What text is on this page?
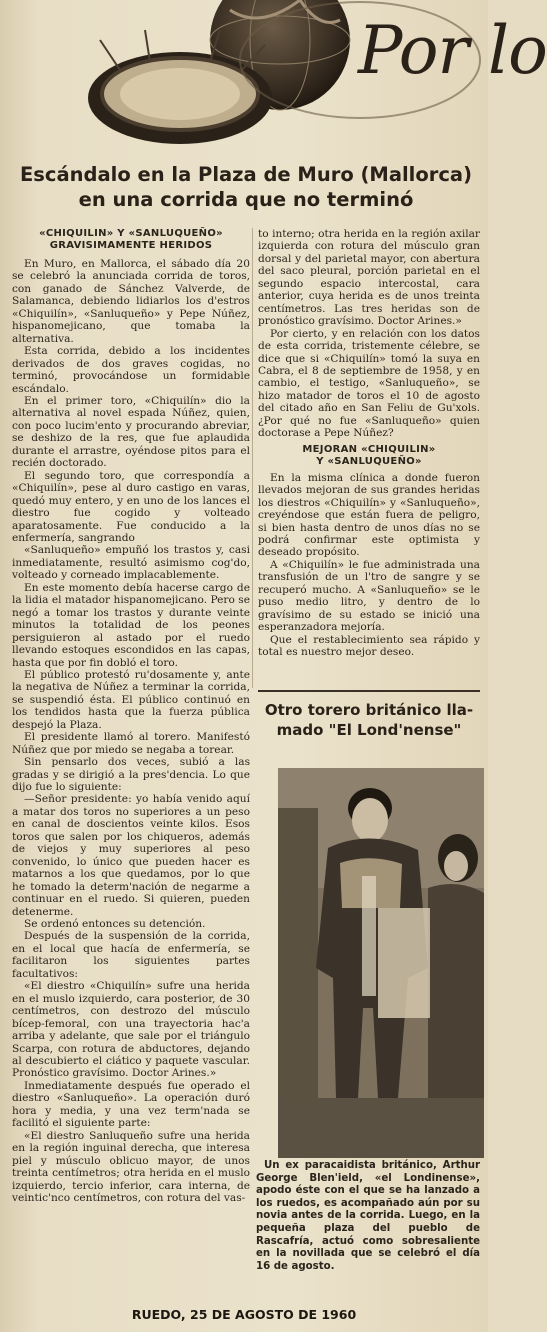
Por lo
Escándalo en la Plaza de Muro (Mallorca)
en una corrida que no terminó

«CHIQUILIN» Y «SANLUQUEÑO»

GRAVISIMAMENTE HERIDOS

En Muro, en Mallorca, el sábado día 20 se celebró la anunciada corrida de toros, con ganado de Sánchez Valverde, de Salamanca, debiendo lidiarlos los d'estros «Chiquilín», «Sanluqueño» y Pepe Núñez, hispanomejicano, que tomaba la alternativa.

Esta corrida, debido a los incidentes derivados de dos graves cogidas, no terminó, provocándose un formidable escándalo.

En el primer toro, «Chiquilín» dio la alternativa al novel espada Núñez, quien, con poco lucim'ento y procurando abreviar, se deshizo de la res, que fue aplaudida durante el arrastre, oyéndose pitos para el recién doctorado.

El segundo toro, que correspondía a «Chiquilín», pese al duro castigo en varas, quedó muy entero, y en uno de los lances el diestro fue cogido y volteado aparatosamente. Fue conducido a la enfermería, sangrando

«Sanluqueño» empuñó los trastos y, casi inmediatamente, resultó asimismo cog'do, volteado y corneado implacablemente.

En este momento debía hacerse cargo de la lidia el matador hispanomejicano. Pero se negó a tomar los trastos y durante veinte minutos la totalidad de los peones persiguieron al astado por el ruedo llevando estoques escondidos en las capas, hasta que por fin dobló el toro.

El público protestó ru'dosamente y, ante la negativa de Núñez a terminar la corrida, se suspendió ésta. El público continuó en los tendidos hasta que la fuerza pública despejó la Plaza.

El presidente llamó al torero. Manifestó Núñez que por miedo se negaba a torear.

Sin pensarlo dos veces, subió a las gradas y se dirigió a la pres'dencia. Lo que dijo fue lo siguiente:

—Señor presidente: yo había venido aquí a matar dos toros no superiores a un peso en canal de doscientos veinte kilos. Esos toros que salen por los chiqueros, además de viejos y muy superiores al peso convenido, lo único que pueden hacer es matarnos a los que quedamos, por lo que he tomado la determ'nación de negarme a continuar en el ruedo. Si quieren, pueden detenerme.

Se ordenó entonces su detención.

Después de la suspensión de la corrida, en el local que hacía de enfermería, se facilitaron los siguientes partes facultativos:

«El diestro «Chiquilín» sufre una herida en el muslo izquierdo, cara posterior, de 30 centímetros, con destrozo del músculo bícep-femoral, con una trayectoria hac'a arriba y adelante, que sale por el triángulo Scarpa, con rotura de abductores, dejando al descubierto el ciático y paquete vascular. Pronóstico gravísimo. Doctor Arines.»

Inmediatamente después fue operado el diestro «Sanluqueño». La operación duró hora y media, y una vez term'nada se facilitó el siguiente parte:

«El diestro Sanluqueño sufre una herida en la región inguinal derecha, que interesa piel y músculo oblicuo mayor, de unos treinta centímetros; otra herida en el muslo izquierdo, tercio inferior, cara interna, de veintic'nco centímetros, con rotura del vas-

to interno; otra herida en la región axilar izquierda con rotura del músculo gran dorsal y del parietal mayor, con abertura del saco pleural, porción parietal en el segundo espacio intercostal, cara anterior, cuya herida es de unos treinta centímetros. Las tres heridas son de pronóstico gravísimo. Doctor Arines.»

Por cierto, y en relación con los datos de esta corrida, tristemente célebre, se dice que si «Chiquilín» tomó la suya en Cabra, el 8 de septiembre de 1958, y en cambio, el testigo, «Sanluqueño», se hizo matador de toros el 10 de agosto del citado año en San Feliu de Gu'xols. ¿Por qué no fue «Sanluqueño» quien doctorase a Pepe Núñez?

MEJORAN «CHIQUILIN»

Y «SANLUQUEÑO»

En la misma clínica a donde fueron llevados mejoran de sus grandes heridas los diestros «Chiquilín» y «Sanluqueño», creyéndose que están fuera de peligro, si bien hasta dentro de unos días no se podrá confirmar este optimista y deseado propósito.

A «Chiquilín» le fue administrada una transfusión de un l'tro de sangre y se recuperó mucho. A «Sanluqueño» se le puso medio litro, y dentro de lo gravísimo de su estado se inició una esperanzadora mejoría.

Que el restablecimiento sea rápido y total es nuestro mejor deseo.

Otro torero británico lla-
mado "El Lond'nense"

Un ex paracaidista británico, Arthur George Blen'ield, «el Londinense», apodo éste con el que se ha lanzado a los ruedos, es acompañado aún por su novia antes de la corrida. Luego, en la pequeña plaza del pueblo de Rascafría, actuó como sobresaliente en la novillada que se celebró el día 16 de agosto.

RUEDO, 25 DE AGOSTO DE 1960
